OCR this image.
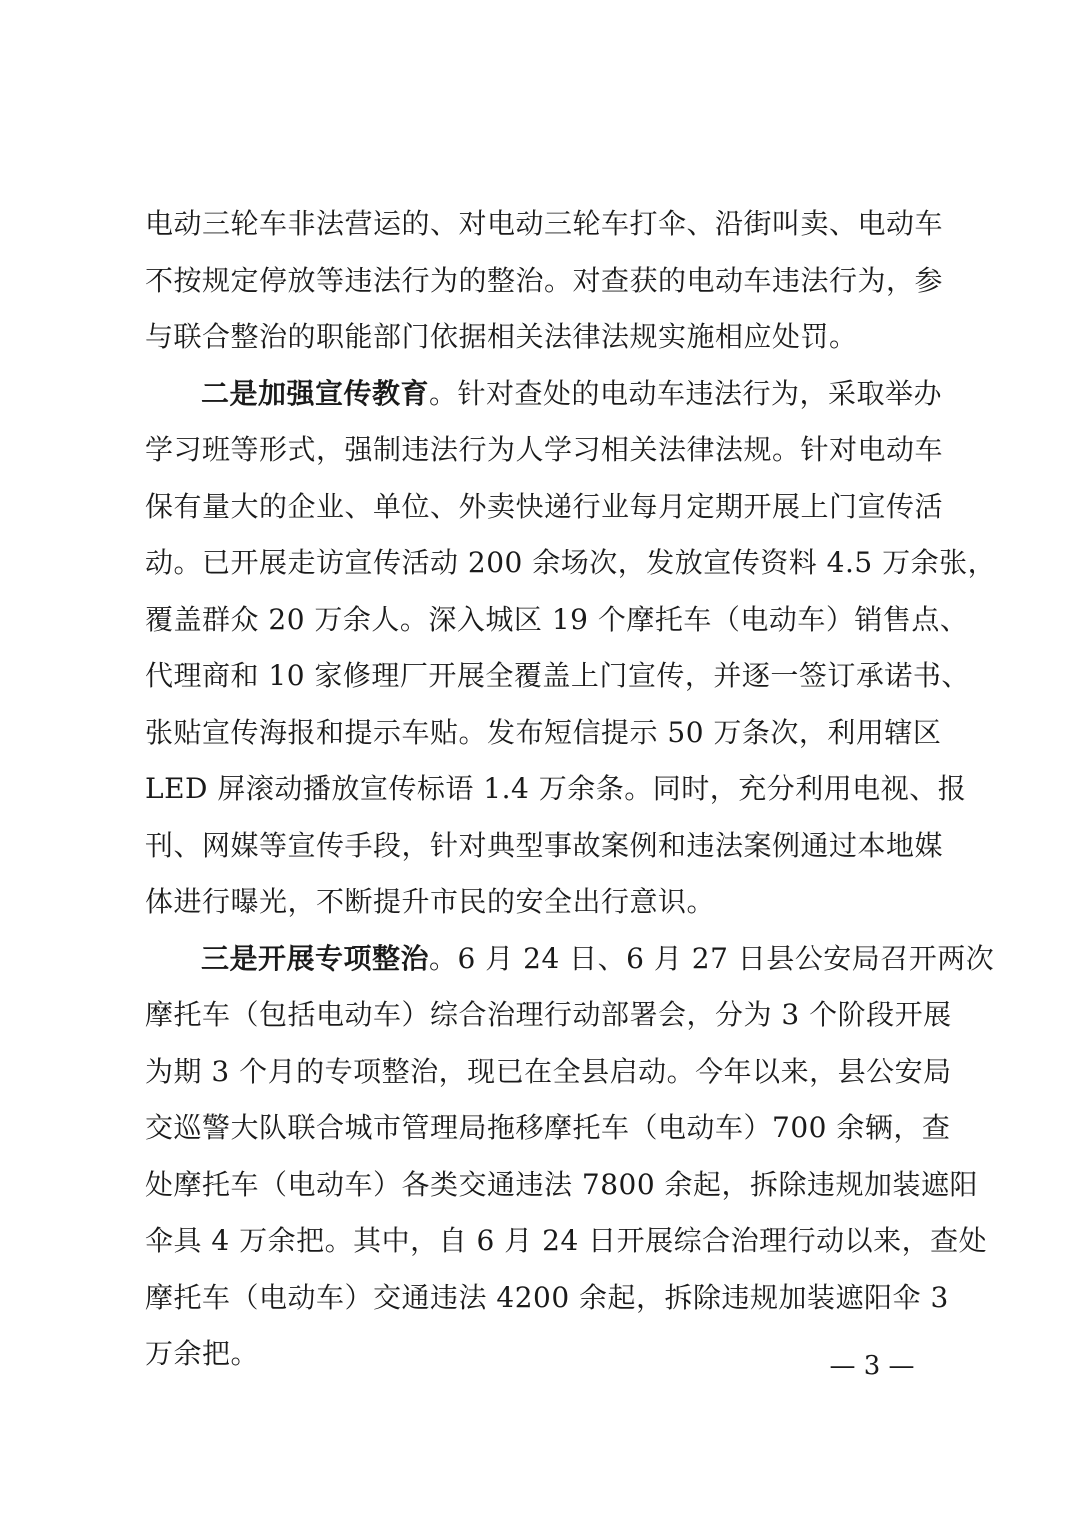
电动三轮车非法营运的、对电动三轮车打伞、沿街叫卖、电动车
不按规定停放等违法行为的整治。对查获的电动车违法行为，参
与联合整治的职能部门依据相关法律法规实施相应处罚。
二是加强宣传教育。针对查处的电动车违法行为，采取举办
学习班等形式，强制违法行为人学习相关法律法规。针对电动车
保有量大的企业、单位、外卖快递行业每月定期开展上门宣传活
动。已开展走访宣传活动 200 余场次，发放宣传资料 4.5 万余张，
覆盖群众 20 万余人。深入城区 19 个摩托车（电动车）销售点、
代理商和 10 家修理厂开展全覆盖上门宣传，并逐一签订承诺书、
张贴宣传海报和提示车贴。发布短信提示 50 万条次，利用辖区
LED 屏滚动播放宣传标语 1.4 万余条。同时，充分利用电视、报
刊、网媒等宣传手段，针对典型事故案例和违法案例通过本地媒
体进行曝光，不断提升市民的安全出行意识。
三是开展专项整治。6 月 24 日、6 月 27 日县公安局召开两次
摩托车（包括电动车）综合治理行动部署会，分为 3 个阶段开展
为期 3 个月的专项整治，现已在全县启动。今年以来，县公安局
交巡警大队联合城市管理局拖移摩托车（电动车）700 余辆，查
处摩托车（电动车）各类交通违法 7800 余起，拆除违规加装遮阳
伞具 4 万余把。其中，自 6 月 24 日开展综合治理行动以来，查处
摩托车（电动车）交通违法 4200 余起，拆除违规加装遮阳伞 3
万余把。	— 3 —
